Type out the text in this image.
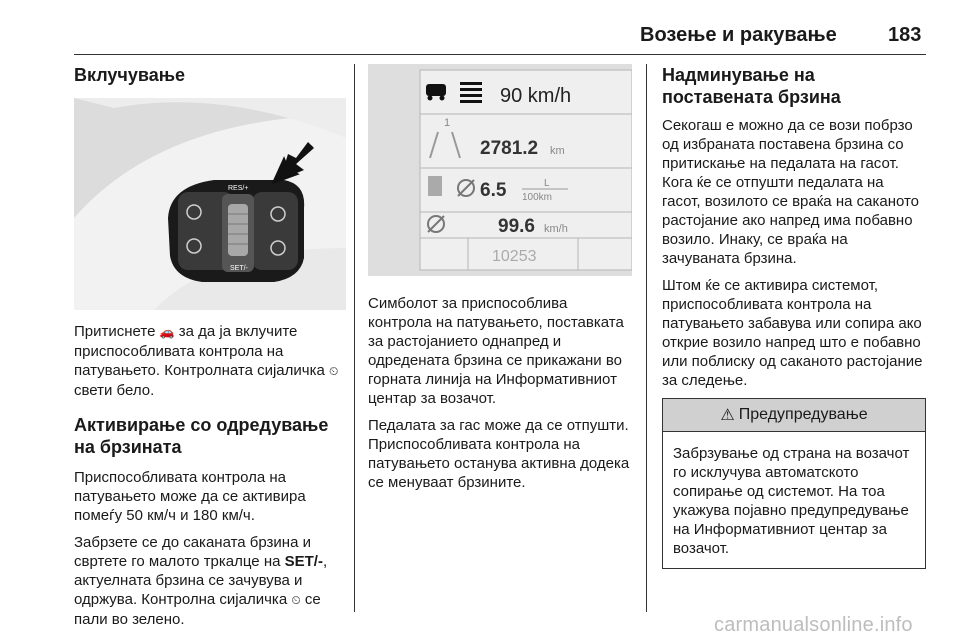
Возење и ракување	183
Вклучување
RES/+
SET/-

Притиснете 🚗 за да ја вклучите приспособливата контрола на патувањето. Контролната сијаличка ⏲ свети бело.

Активирање со одредување на брзината

Приспособливата контрола на патувањето може да се активира помеѓу 50 км/ч и 180 км/ч.

Забрзете се до саканата брзина и свртете го малото тркалце на SET/-, актуелната брзина се зачувува и одржува. Контролна сијаличка ⏲ се пали во зелено.

90 km/h
1
2781.2 km
6.5	L
100km
99.6 km/h
10253

Симболот за приспособлива контрола на патувањето, поставката за растојанието однапред и одредената брзина се прикажани во горната линија на Информативниот центар за возачот.

Педалата за гас може да се отпушти. Приспособливата контрола на патувањето останува активна додека се менуваат брзините.

Надминување на поставената брзина

Секогаш е можно да се вози побрзо од избраната поставена брзина со притискање на педалата на гасот. Кога ќе се отпушти педалата на гасот, возилото се враќа на саканото растојание ако напред има побавно возило. Инаку, се враќа на зачуваната брзина.

Штом ќе се активира системот, приспособливата контрола на патувањето забавува или сопира ако открие возило напред што е побавно или поблиску од саканото растојание за следење.

⚠ Предупредување

Забрзување од страна на возачот го исклучува автоматското сопирање од системот. На тоа укажува појавно предупредување на Информативниот центар за возачот.

carmanualsonline.info
